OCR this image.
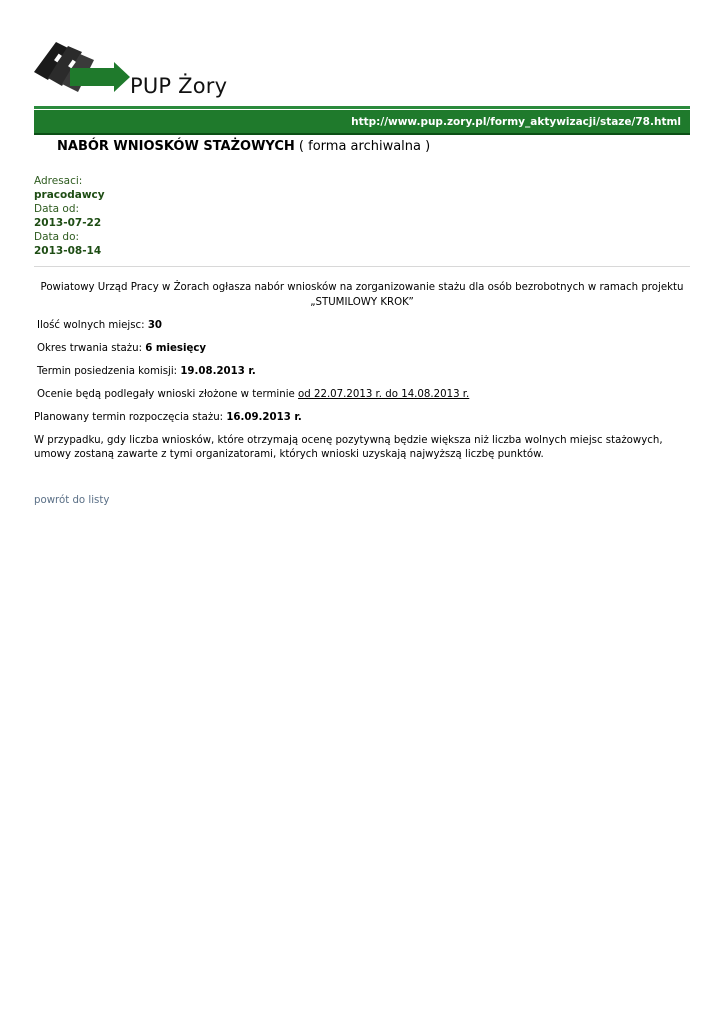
PUP Żory
http://www.pup.zory.pl/formy_aktywizacji/staze/78.html
NABÓR WNIOSKÓW STAŻOWYCH ( forma archiwalna )
Adresaci:
pracodawcy
Data od:
2013-07-22
Data do:
2013-08-14
Powiatowy Urząd Pracy w Żorach ogłasza nabór wniosków na zorganizowanie stażu dla osób bezrobotnych w ramach projektu „STUMILOWY KROK”
Ilość wolnych miejsc: 30
Okres trwania stażu: 6 miesięcy
Termin posiedzenia komisji: 19.08.2013 r.
Ocenie będą podlegały wnioski złożone w terminie od 22.07.2013 r. do 14.08.2013 r.
Planowany termin rozpoczęcia stażu: 16.09.2013 r.
W przypadku, gdy liczba wniosków, które otrzymają ocenę pozytywną będzie większa niż liczba wolnych miejsc stażowych, umowy zostaną zawarte z tymi organizatorami, których wnioski uzyskają najwyższą liczbę punktów.
powrót do listy
